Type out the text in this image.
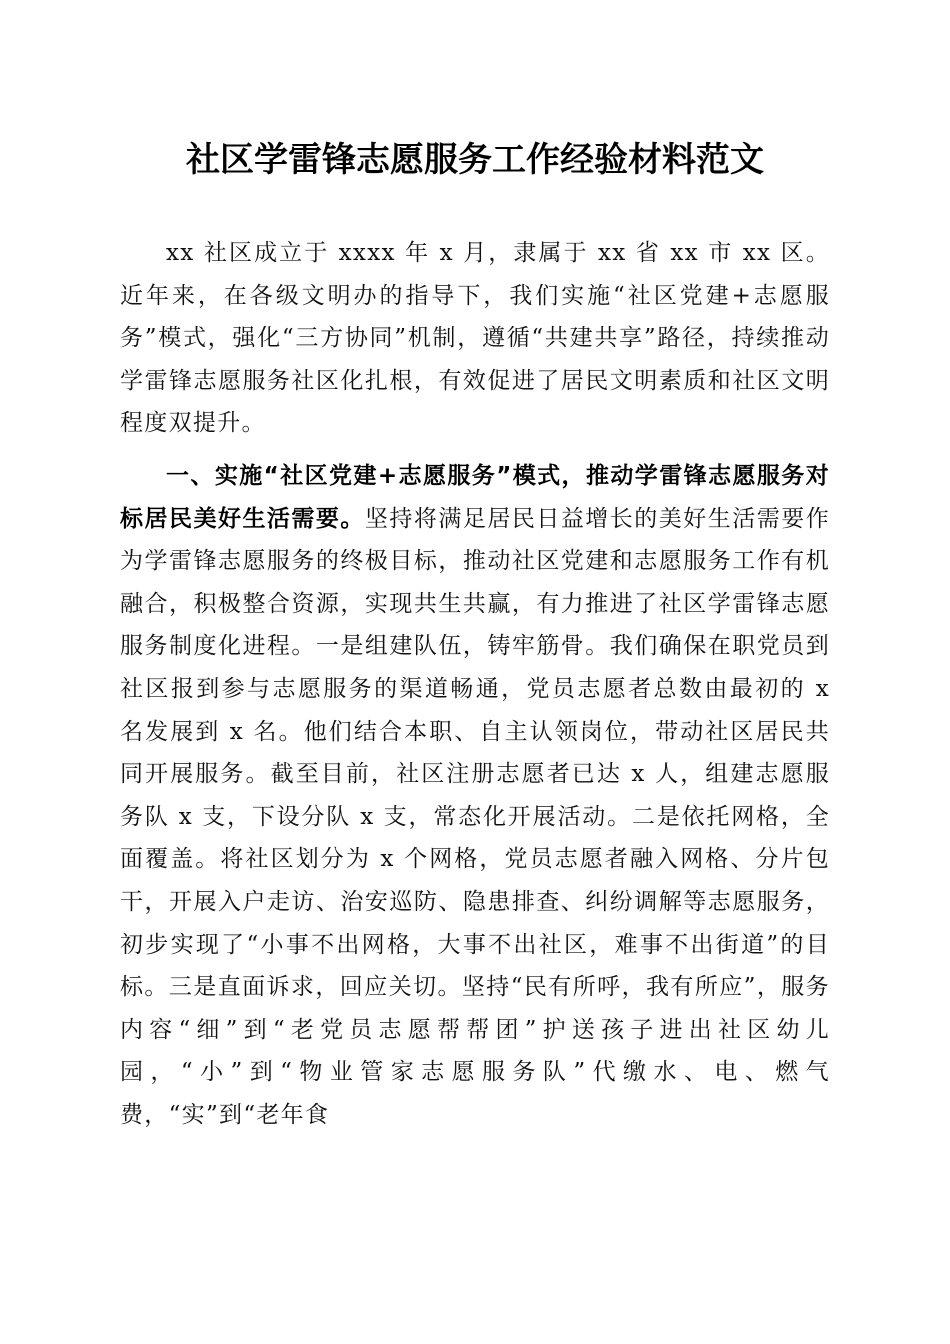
社区学雷锋志愿服务工作经验材料范文

xx 社区成立于 xxxx 年 x 月，隶属于 xx 省 xx 市 xx 区。近年来，在各级文明办的指导下，我们实施“社区党建+志愿服务”模式，强化“三方协同”机制，遵循“共建共享”路径，持续推动学雷锋志愿服务社区化扎根，有效促进了居民文明素质和社区文明程度双提升。

一、实施“社区党建+志愿服务”模式，推动学雷锋志愿服务对标居民美好生活需要。坚持将满足居民日益增长的美好生活需要作为学雷锋志愿服务的终极目标，推动社区党建和志愿服务工作有机融合，积极整合资源，实现共生共赢，有力推进了社区学雷锋志愿服务制度化进程。一是组建队伍，铸牢筋骨。我们确保在职党员到社区报到参与志愿服务的渠道畅通，党员志愿者总数由最初的 x 名发展到 x 名。他们结合本职、自主认领岗位，带动社区居民共同开展服务。截至目前，社区注册志愿者已达 x 人，组建志愿服务队 x 支，下设分队 x 支，常态化开展活动。二是依托网格，全面覆盖。将社区划分为 x 个网格，党员志愿者融入网格、分片包干，开展入户走访、治安巡防、隐患排查、纠纷调解等志愿服务，初步实现了“小事不出网格，大事不出社区，难事不出街道”的目标。三是直面诉求，回应关切。坚持“民有所呼，我有所应”，服务内容“细”到“老党员志愿帮帮团”护送孩子进出社区幼儿园，“小”到“物业管家志愿服务队”代缴水、电、燃气费，“实”到“老年食
